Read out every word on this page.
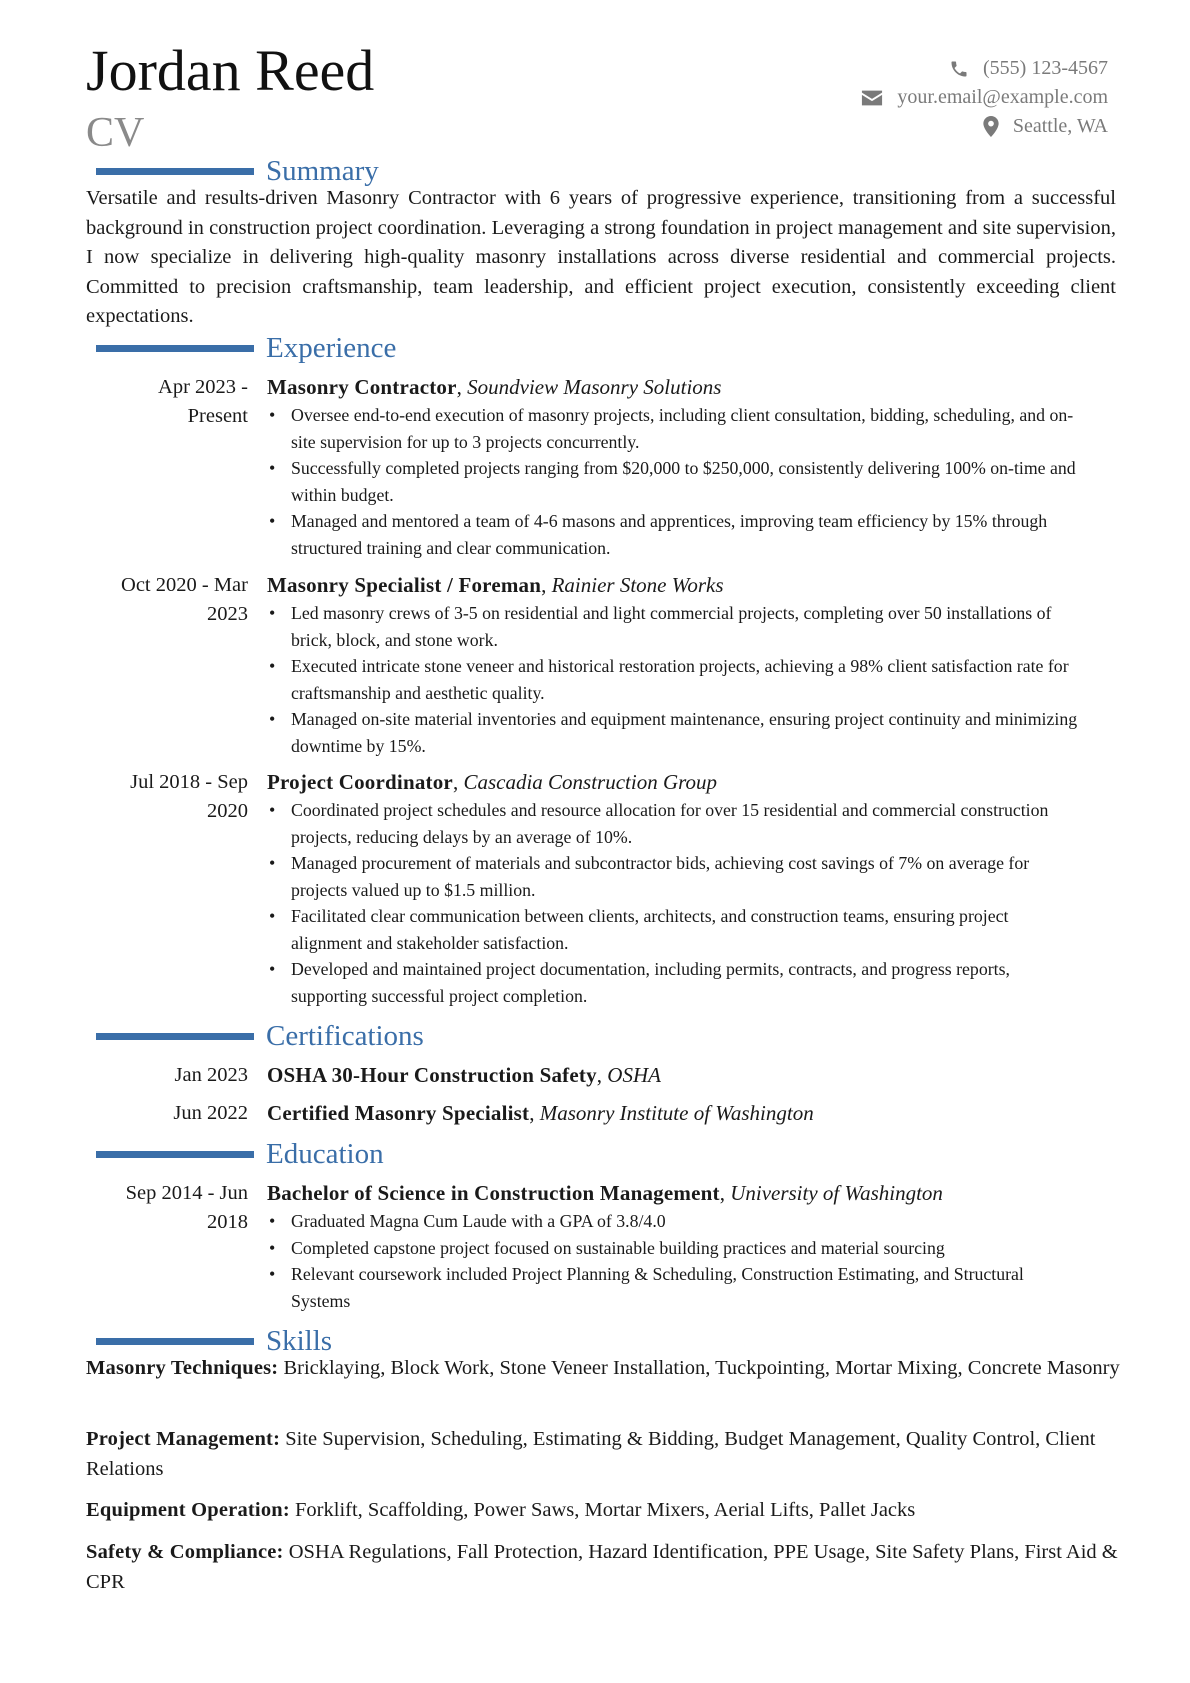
Jordan Reed
CV
(555) 123-4567
your.email@example.com
Seattle, WA
Summary
Versatile and results-driven Masonry Contractor with 6 years of progressive experience, transitioning from a successful background in construction project coordination. Leveraging a strong foundation in project management and site supervision, I now specialize in delivering high-quality masonry installations across diverse residential and commercial projects. Committed to precision craftsmanship, team leadership, and efficient project execution, consistently exceeding client expectations.
Experience
Apr 2023 -
Present
Masonry Contractor, Soundview Masonry Solutions
• Oversee end-to-end execution of masonry projects, including client consultation, bidding, scheduling, and on-site supervision for up to 3 projects concurrently.
• Successfully completed projects ranging from $20,000 to $250,000, consistently delivering 100% on-time and within budget.
• Managed and mentored a team of 4-6 masons and apprentices, improving team efficiency by 15% through structured training and clear communication.
Oct 2020 - Mar
2023
Masonry Specialist / Foreman, Rainier Stone Works
• Led masonry crews of 3-5 on residential and light commercial projects, completing over 50 installations of brick, block, and stone work.
• Executed intricate stone veneer and historical restoration projects, achieving a 98% client satisfaction rate for craftsmanship and aesthetic quality.
• Managed on-site material inventories and equipment maintenance, ensuring project continuity and minimizing downtime by 15%.
Jul 2018 - Sep
2020
Project Coordinator, Cascadia Construction Group
• Coordinated project schedules and resource allocation for over 15 residential and commercial construction projects, reducing delays by an average of 10%.
• Managed procurement of materials and subcontractor bids, achieving cost savings of 7% on average for projects valued up to $1.5 million.
• Facilitated clear communication between clients, architects, and construction teams, ensuring project alignment and stakeholder satisfaction.
• Developed and maintained project documentation, including permits, contracts, and progress reports, supporting successful project completion.
Certifications
Jan 2023 OSHA 30-Hour Construction Safety, OSHA
Jun 2022 Certified Masonry Specialist, Masonry Institute of Washington
Education
Sep 2014 - Jun
2018
Bachelor of Science in Construction Management, University of Washington
• Graduated Magna Cum Laude with a GPA of 3.8/4.0
• Completed capstone project focused on sustainable building practices and material sourcing
• Relevant coursework included Project Planning & Scheduling, Construction Estimating, and Structural Systems
Skills
Masonry Techniques: Bricklaying, Block Work, Stone Veneer Installation, Tuckpointing, Mortar Mixing, Concrete Masonry
Project Management: Site Supervision, Scheduling, Estimating & Bidding, Budget Management, Quality Control, Client Relations
Equipment Operation: Forklift, Scaffolding, Power Saws, Mortar Mixers, Aerial Lifts, Pallet Jacks
Safety & Compliance: OSHA Regulations, Fall Protection, Hazard Identification, PPE Usage, Site Safety Plans, First Aid & CPR
